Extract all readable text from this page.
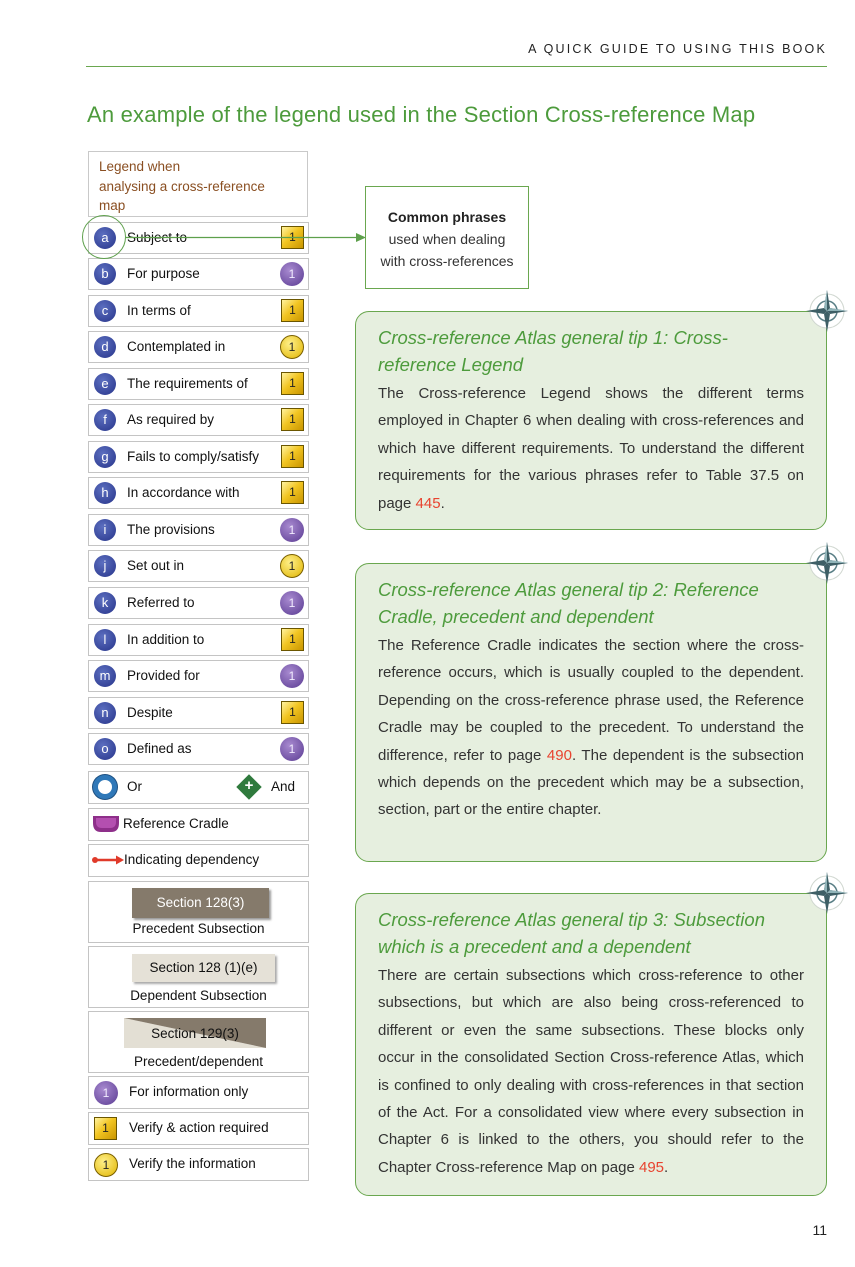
A QUICK GUIDE TO USING THIS BOOK
An example of the legend used in the Section Cross-reference Map
Legend when
analysing a cross-reference
map
a	Subject to	1
b	For purpose	1
c	In terms of	1
d	Contemplated in	1
e	The requirements of	1
f	As required by	1
g	Fails to comply/satisfy	1
h	In accordance with	1
i	The provisions	1
j	Set out in	1
k	Referred to	1
l	In addition to	1
m	Provided for	1
n	Despite	1
o	Defined as	1
Or	+	And
Reference Cradle
Indicating dependency
Section 128(3)
Precedent Subsection
Section 128 (1)(e)
Dependent Subsection
Section 129(3)
Precedent/dependent
1	For information only
1	Verify & action required
1	Verify the information
Common phrases
used when dealing
with cross-references
Cross-reference Atlas general tip 1: Cross-reference Legend
The Cross-reference Legend shows the different terms employed in Chapter 6 when dealing with cross-references and which have different requirements. To understand the different requirements for the various phrases refer to Table 37.5 on page 445.
Cross-reference Atlas general tip 2: Reference Cradle, precedent and dependent
The Reference Cradle indicates the section where the cross-reference occurs, which is usually coupled to the dependent. Depending on the cross-reference phrase used, the Reference Cradle may be coupled to the precedent. To understand the difference, refer to page 490. The dependent is the subsection which depends on the precedent which may be a subsection, section, part or the entire chapter.
Cross-reference Atlas general tip 3: Subsection which is a precedent and a dependent
There are certain subsections which cross-reference to other subsections, but which are also being cross-referenced to different or even the same subsections. These blocks only occur in the consolidated Section Cross-reference Atlas, which is confined to only dealing with cross-references in that section of the Act. For a consolidated view where every subsection in Chapter 6 is linked to the others, you should refer to the Chapter Cross-reference Map on page 495.
11
